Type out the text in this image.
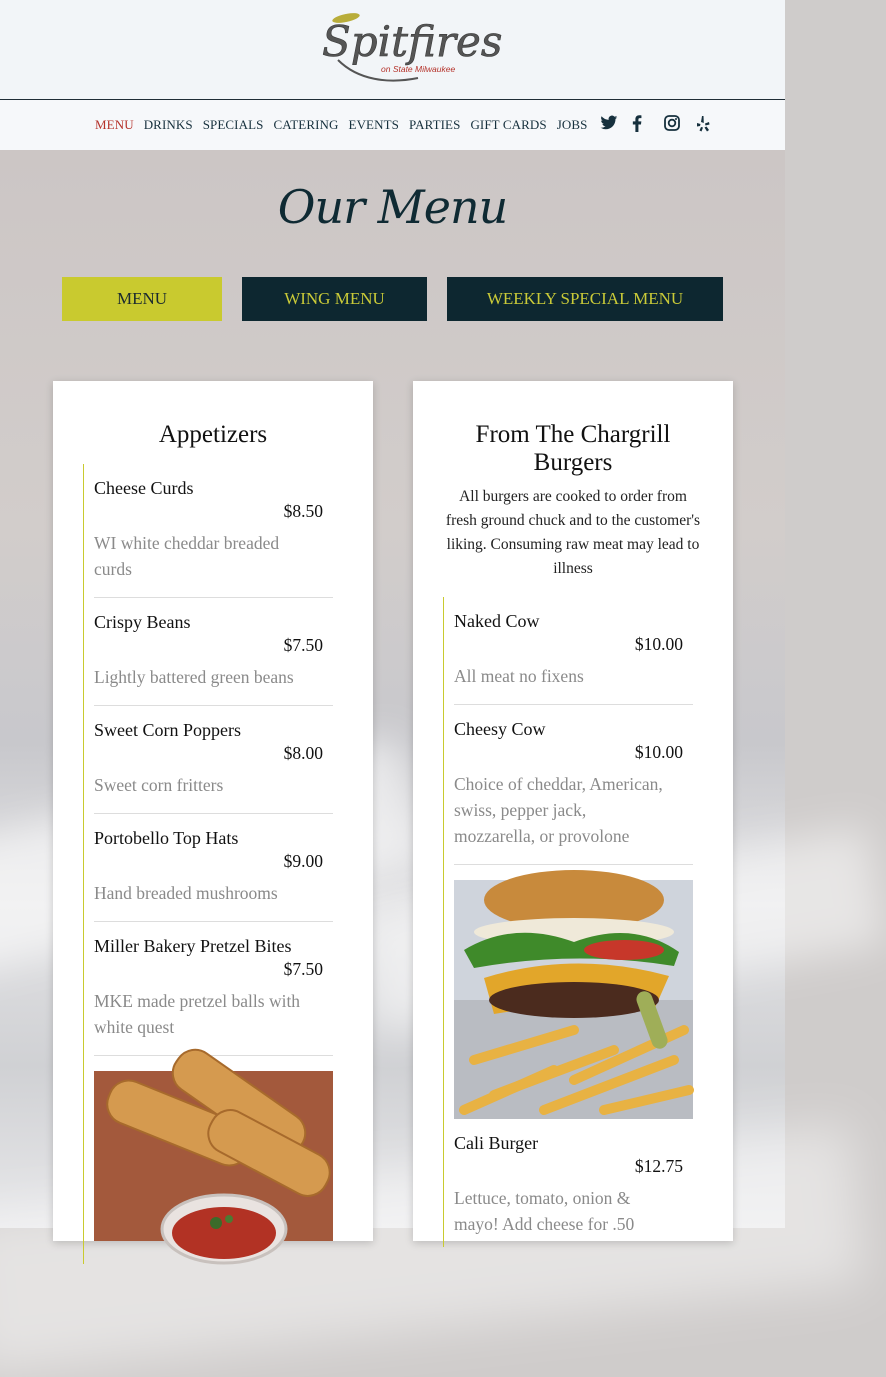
Spitfires
on State Milwaukee
MENU DRINKS SPECIALS CATERING EVENTS PARTIES GIFT CARDS JOBS
Our Menu
MENU	WING MENU	WEEKLY SPECIAL MENU
Appetizers
Cheese Curds
$8.50
WI white cheddar breaded curds
Crispy Beans
$7.50
Lightly battered green beans
Sweet Corn Poppers
$8.00
Sweet corn fritters
Portobello Top Hats
$9.00
Hand breaded mushrooms
Miller Bakery Pretzel Bites
$7.50
MKE made pretzel balls with white quest
From The Chargrill Burgers
All burgers are cooked to order from fresh ground chuck and to the customer's liking. Consuming raw meat may lead to illness
Naked Cow
$10.00
All meat no fixens
Cheesy Cow
$10.00
Choice of cheddar, American, swiss, pepper jack, mozzarella, or provolone
Cali Burger
$12.75
Lettuce, tomato, onion & mayo! Add cheese for .50
